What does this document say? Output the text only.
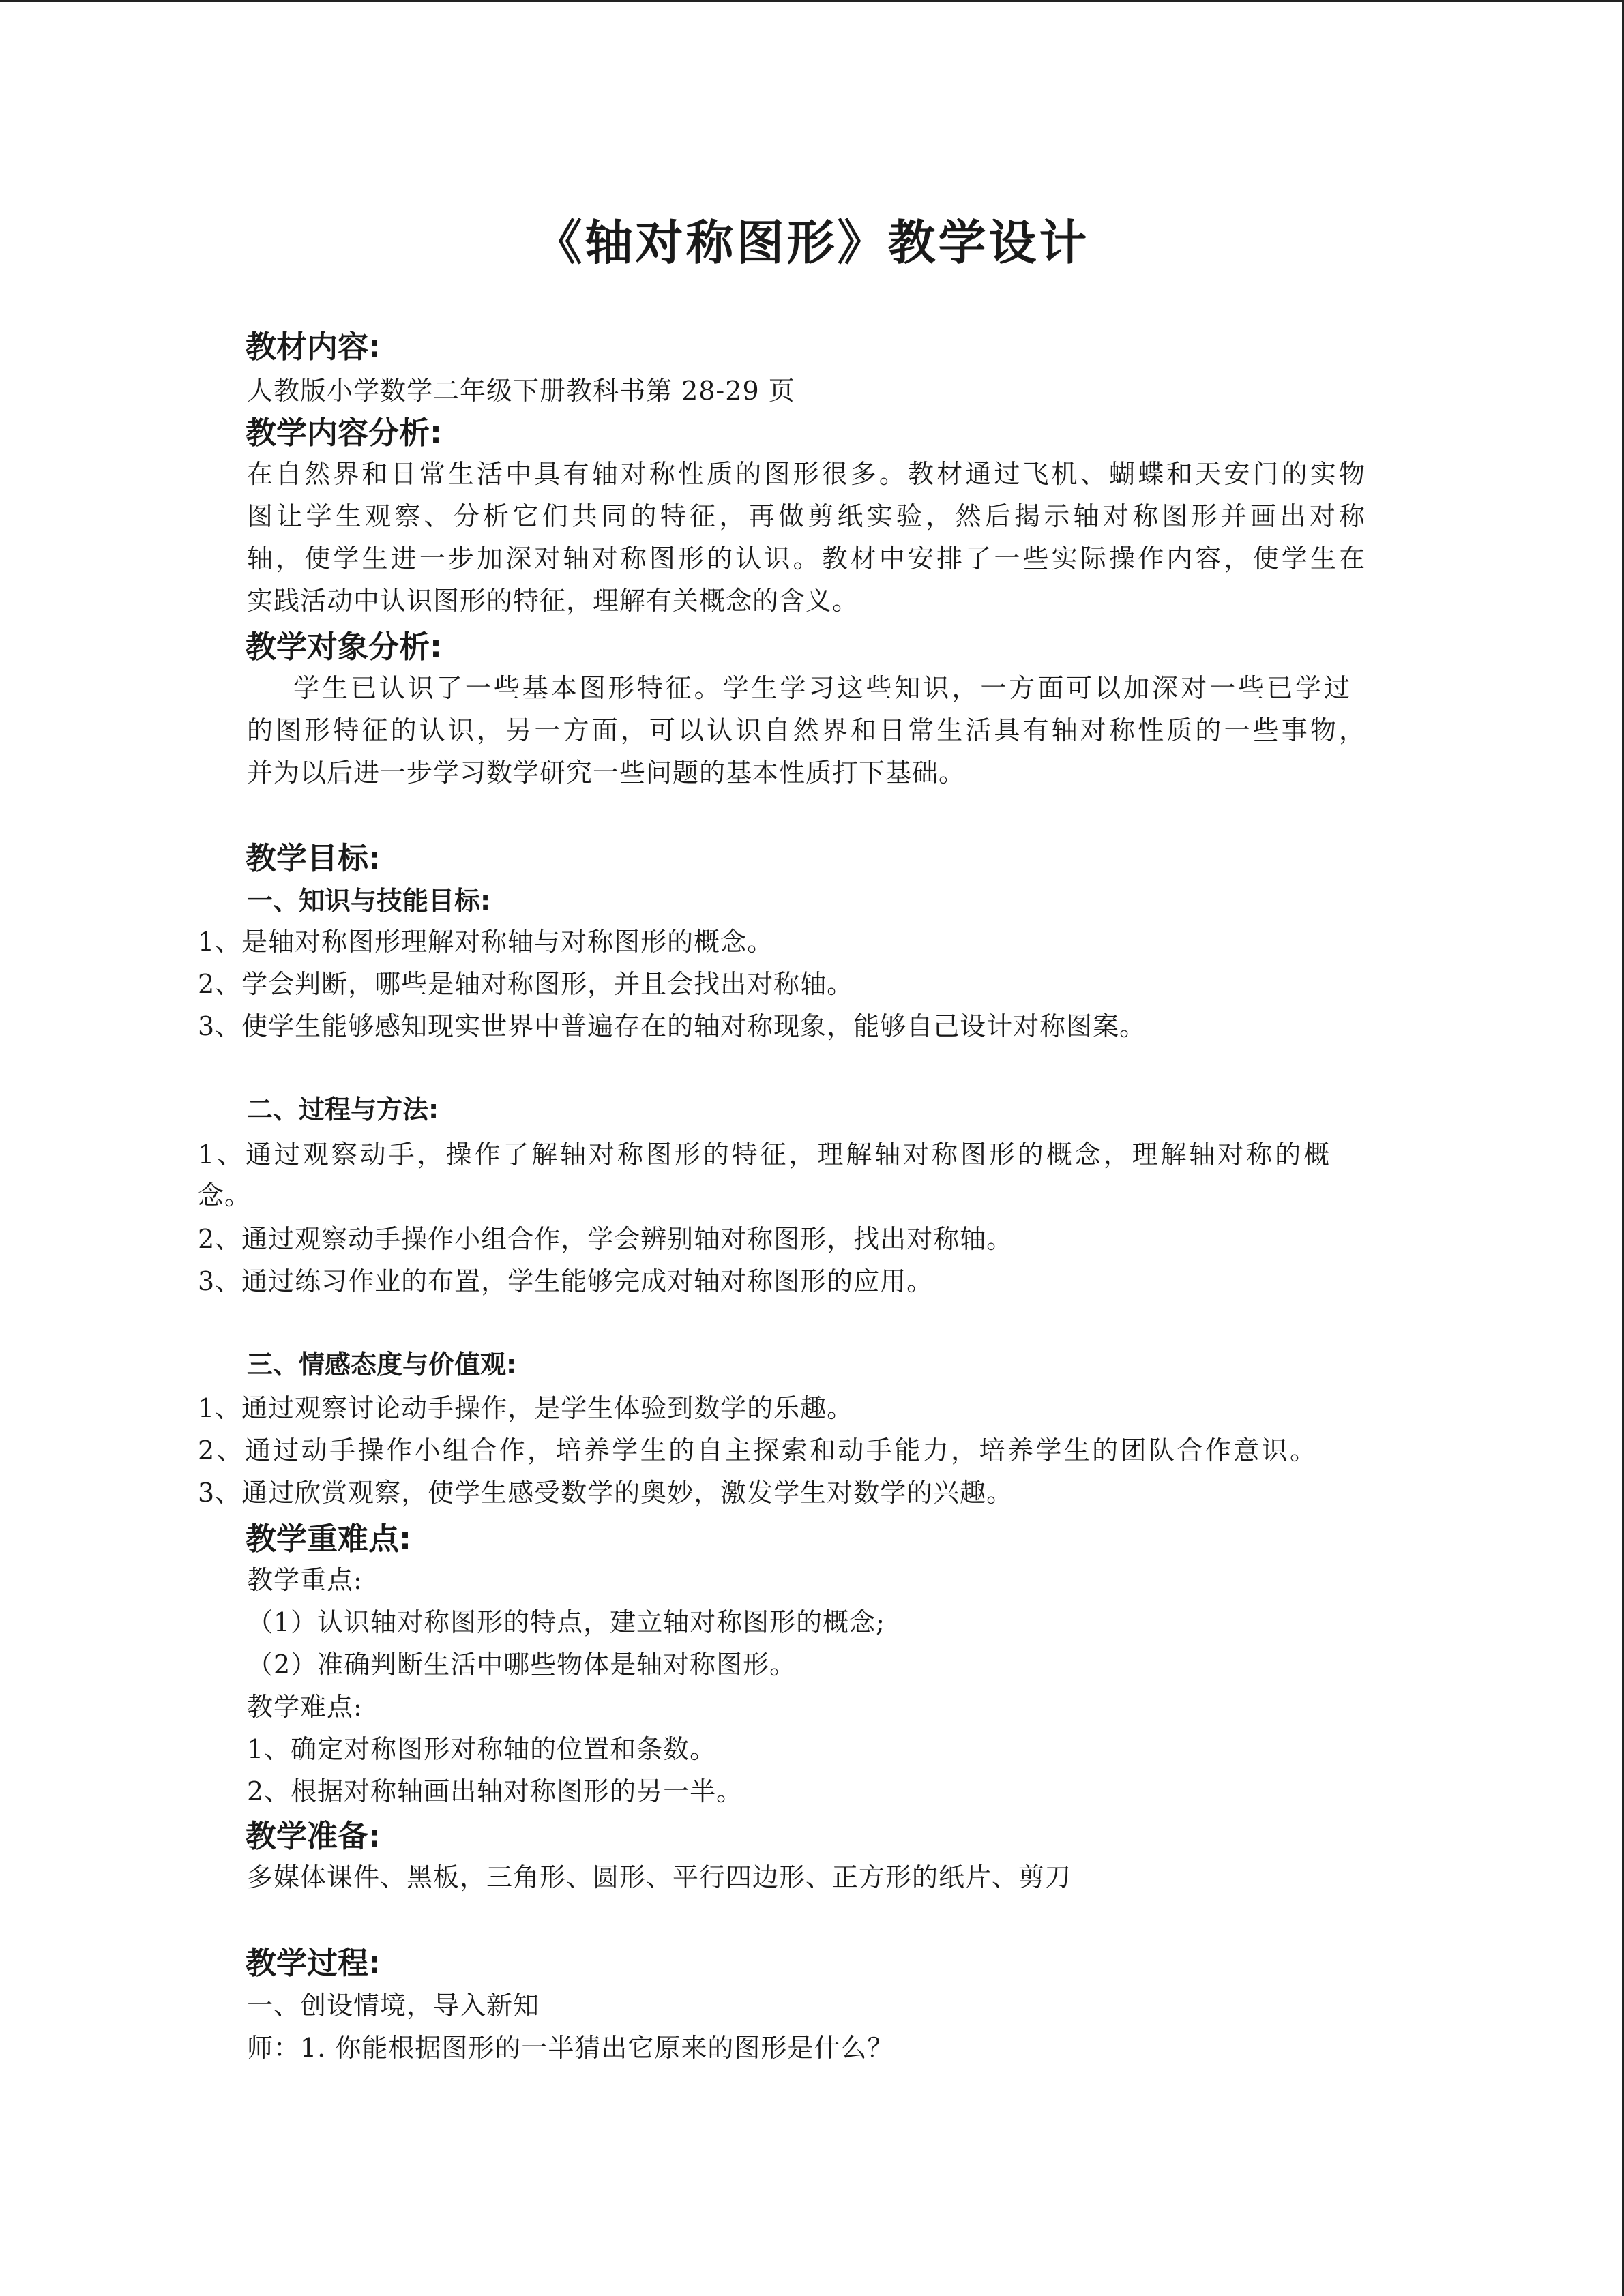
《轴对称图形》教学设计
教材内容:
人教版小学数学二年级下册教科书第 28-29 页
教学内容分析:
在自然界和日常生活中具有轴对称性质的图形很多。教材通过飞机、蝴蝶和天安门的实物
图让学生观察、分析它们共同的特征，再做剪纸实验，然后揭示轴对称图形并画出对称
轴，使学生进一步加深对轴对称图形的认识。教材中安排了一些实际操作内容，使学生在
实践活动中认识图形的特征，理解有关概念的含义。
教学对象分析:
学生已认识了一些基本图形特征。学生学习这些知识，一方面可以加深对一些已学过
的图形特征的认识，另一方面，可以认识自然界和日常生活具有轴对称性质的一些事物，
并为以后进一步学习数学研究一些问题的基本性质打下基础。
教学目标:
一、知识与技能目标:
1、是轴对称图形理解对称轴与对称图形的概念。
2、学会判断，哪些是轴对称图形，并且会找出对称轴。
3、使学生能够感知现实世界中普遍存在的轴对称现象，能够自己设计对称图案。
二、过程与方法:
1、通过观察动手，操作了解轴对称图形的特征，理解轴对称图形的概念，理解轴对称的概
念。
2、通过观察动手操作小组合作，学会辨别轴对称图形，找出对称轴。
3、通过练习作业的布置，学生能够完成对轴对称图形的应用。
三、情感态度与价值观:
1、通过观察讨论动手操作，是学生体验到数学的乐趣。
2、通过动手操作小组合作，培养学生的自主探索和动手能力，培养学生的团队合作意识。
3、通过欣赏观察，使学生感受数学的奥妙，激发学生对数学的兴趣。
教学重难点:
教学重点:
（1）认识轴对称图形的特点，建立轴对称图形的概念;
（2）准确判断生活中哪些物体是轴对称图形。
教学难点:
1、确定对称图形对称轴的位置和条数。
2、根据对称轴画出轴对称图形的另一半。
教学准备:
多媒体课件、黑板，三角形、圆形、平行四边形、正方形的纸片、剪刀
教学过程:
一、创设情境，导入新知
师：1. 你能根据图形的一半猜出它原来的图形是什么？
